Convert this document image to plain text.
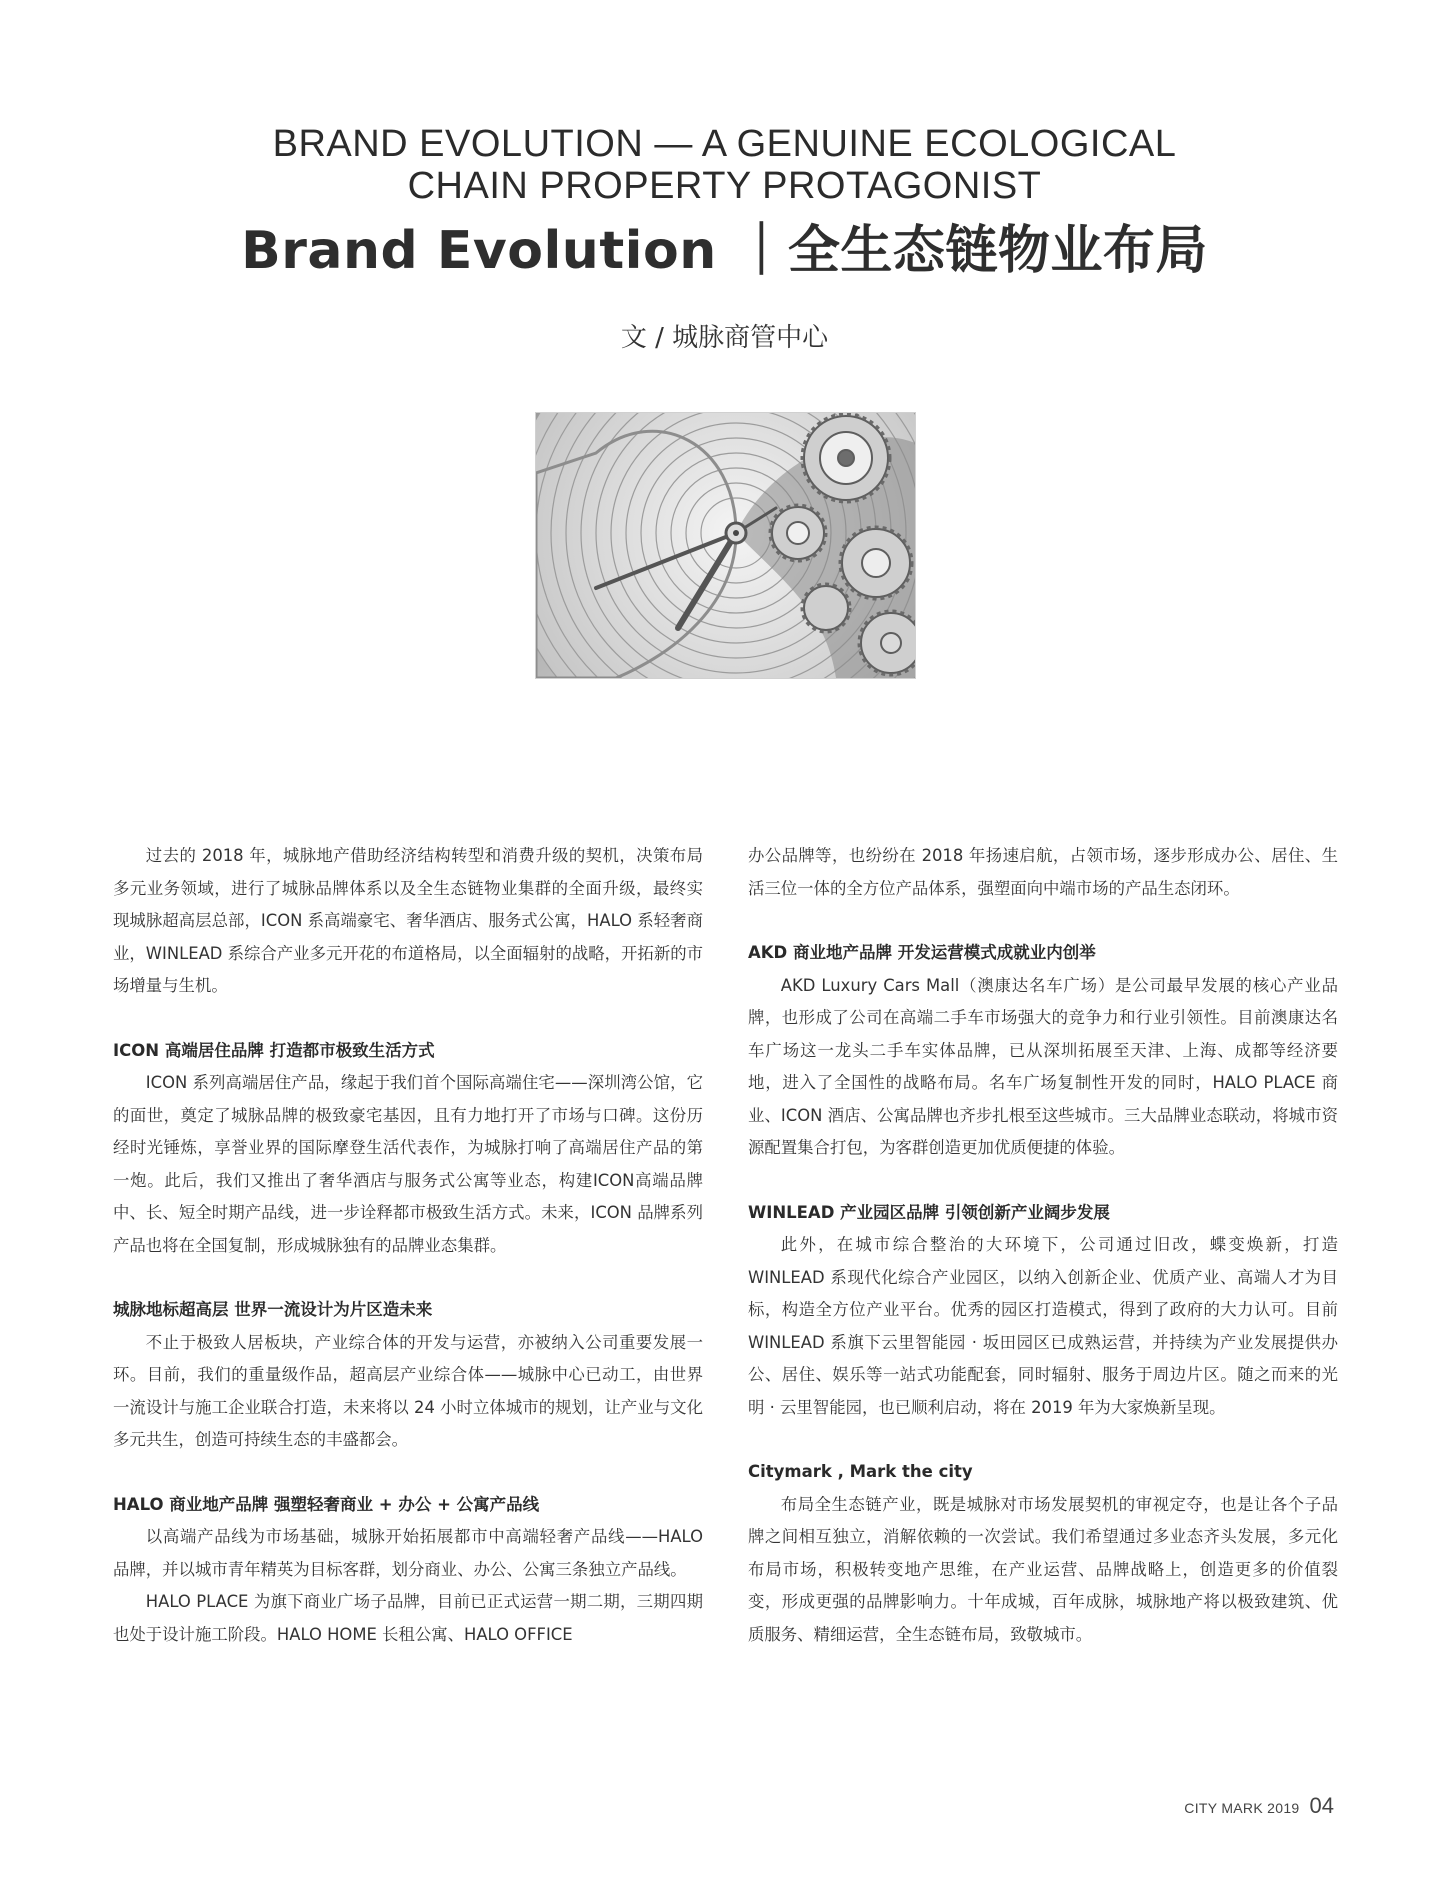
BRAND EVOLUTION — A GENUINE ECOLOGICAL
CHAIN PROPERTY PROTAGONIST
Brand Evolution ｜全生态链物业布局
文 / 城脉商管中心

过去的 2018 年，城脉地产借助经济结构转型和消费升级的契机，决策布局多元业务领域，进行了城脉品牌体系以及全生态链物业集群的全面升级，最终实现城脉超高层总部，ICON 系高端豪宅、奢华酒店、服务式公寓，HALO 系轻奢商业，WINLEAD 系综合产业多元开花的布道格局，以全面辐射的战略，开拓新的市场增量与生机。

ICON 高端居住品牌 打造都市极致生活方式

ICON 系列高端居住产品，缘起于我们首个国际高端住宅——深圳湾公馆，它的面世，奠定了城脉品牌的极致豪宅基因，且有力地打开了市场与口碑。这份历经时光锤炼，享誉业界的国际摩登生活代表作，为城脉打响了高端居住产品的第一炮。此后，我们又推出了奢华酒店与服务式公寓等业态，构建ICON高端品牌中、长、短全时期产品线，进一步诠释都市极致生活方式。未来，ICON 品牌系列产品也将在全国复制，形成城脉独有的品牌业态集群。

城脉地标超高层 世界一流设计为片区造未来

不止于极致人居板块，产业综合体的开发与运营，亦被纳入公司重要发展一环。目前，我们的重量级作品，超高层产业综合体——城脉中心已动工，由世界一流设计与施工企业联合打造，未来将以 24 小时立体城市的规划，让产业与文化多元共生，创造可持续生态的丰盛都会。

HALO 商业地产品牌 强塑轻奢商业 + 办公 + 公寓产品线

以高端产品线为市场基础，城脉开始拓展都市中高端轻奢产品线——HALO 品牌，并以城市青年精英为目标客群，划分商业、办公、公寓三条独立产品线。

HALO PLACE 为旗下商业广场子品牌，目前已正式运营一期二期，三期四期也处于设计施工阶段。HALO HOME 长租公寓、HALO OFFICE

办公品牌等，也纷纷在 2018 年扬速启航，占领市场，逐步形成办公、居住、生活三位一体的全方位产品体系，强塑面向中端市场的产品生态闭环。

AKD 商业地产品牌 开发运营模式成就业内创举

AKD Luxury Cars Mall（澳康达名车广场）是公司最早发展的核心产业品牌，也形成了公司在高端二手车市场强大的竞争力和行业引领性。目前澳康达名车广场这一龙头二手车实体品牌，已从深圳拓展至天津、上海、成都等经济要地，进入了全国性的战略布局。名车广场复制性开发的同时，HALO PLACE 商业、ICON 酒店、公寓品牌也齐步扎根至这些城市。三大品牌业态联动，将城市资源配置集合打包，为客群创造更加优质便捷的体验。

WINLEAD 产业园区品牌 引领创新产业阔步发展

此外，在城市综合整治的大环境下，公司通过旧改，蝶变焕新，打造WINLEAD 系现代化综合产业园区，以纳入创新企业、优质产业、高端人才为目标，构造全方位产业平台。优秀的园区打造模式，得到了政府的大力认可。目前 WINLEAD 系旗下云里智能园 · 坂田园区已成熟运营，并持续为产业发展提供办公、居住、娱乐等一站式功能配套，同时辐射、服务于周边片区。随之而来的光明 · 云里智能园，也已顺利启动，将在 2019 年为大家焕新呈现。

Citymark , Mark the city

布局全生态链产业，既是城脉对市场发展契机的审视定夺，也是让各个子品牌之间相互独立，消解依赖的一次尝试。我们希望通过多业态齐头发展，多元化布局市场，积极转变地产思维，在产业运营、品牌战略上，创造更多的价值裂变，形成更强的品牌影响力。十年成城，百年成脉，城脉地产将以极致建筑、优质服务、精细运营，全生态链布局，致敬城市。

CITY MARK 2019 04
